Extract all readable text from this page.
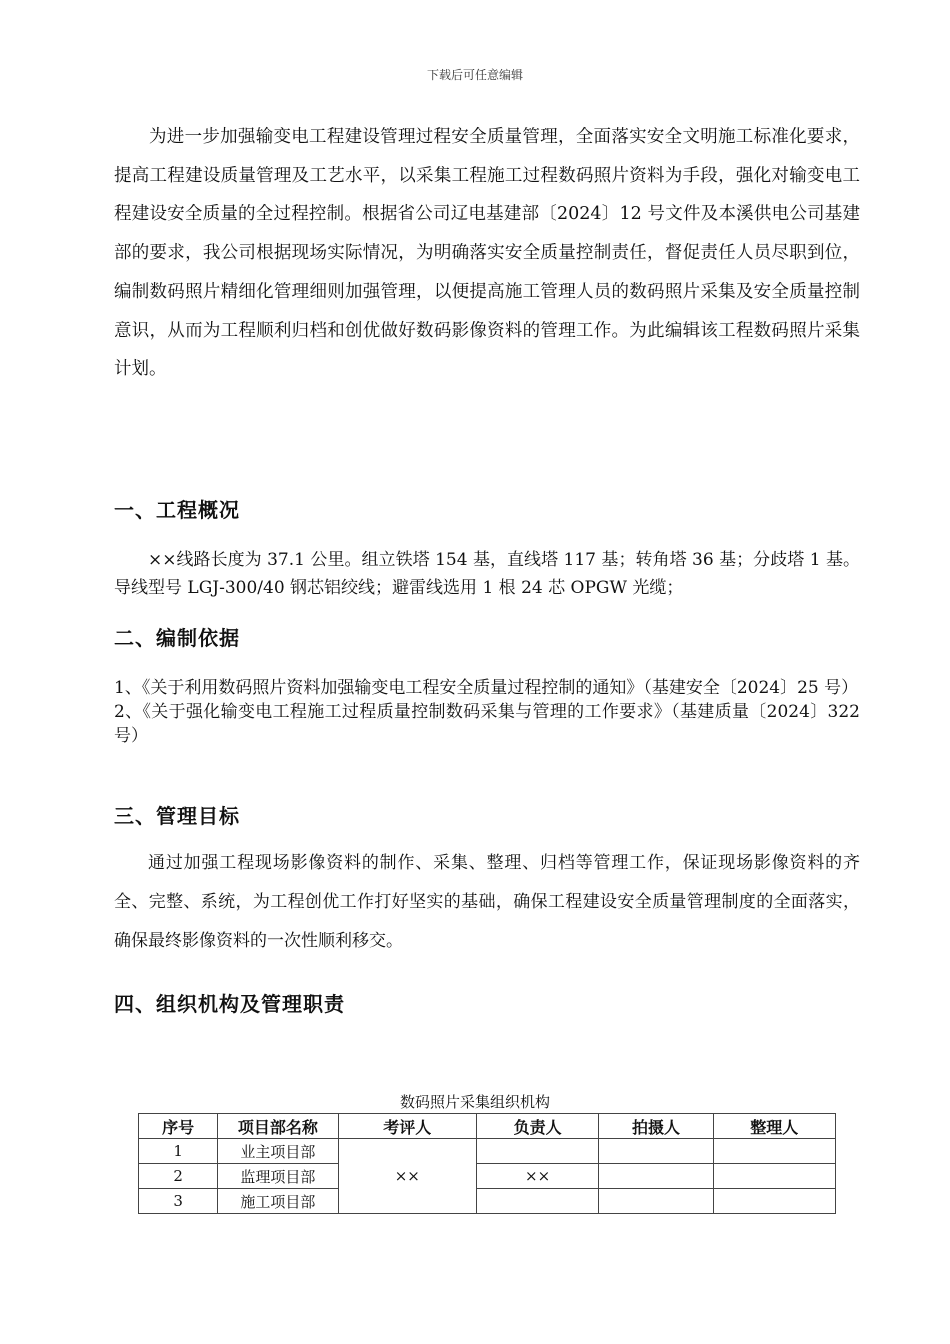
下载后可任意编辑

为进一步加强输变电工程建设管理过程安全质量管理，全面落实安全文明施工标准化要求，提高工程建设质量管理及工艺水平，以采集工程施工过程数码照片资料为手段，强化对输变电工程建设安全质量的全过程控制。根据省公司辽电基建部〔2024〕12 号文件及本溪供电公司基建部的要求，我公司根据现场实际情况，为明确落实安全质量控制责任，督促责任人员尽职到位，编制数码照片精细化管理细则加强管理，以便提高施工管理人员的数码照片采集及安全质量控制意识，从而为工程顺利归档和创优做好数码影像资料的管理工作。为此编辑该工程数码照片采集计划。

一、工程概况

××线路长度为 37.1 公里。组立铁塔 154 基，直线塔 117 基；转角塔 36 基；分歧塔 1 基。导线型号 LGJ-300/40 钢芯铝绞线；避雷线选用 1 根 24 芯 OPGW 光缆；

二、编制依据

1、《关于利用数码照片资料加强输变电工程安全质量过程控制的通知》（基建安全〔2024〕25 号）

2、《关于强化输变电工程施工过程质量控制数码采集与管理的工作要求》（基建质量〔2024〕322 号）

三、管理目标

通过加强工程现场影像资料的制作、采集、整理、归档等管理工作，保证现场影像资料的齐全、完整、系统，为工程创优工作打好坚实的基础，确保工程建设安全质量管理制度的全面落实，确保最终影像资料的一次性顺利移交。

四、组织机构及管理职责
数码照片采集组织机构
序号	项目部名称	考评人	负责人	拍摄人	整理人
1	业主项目部	××			
2	监理项目部		××		
3	施工项目部				
